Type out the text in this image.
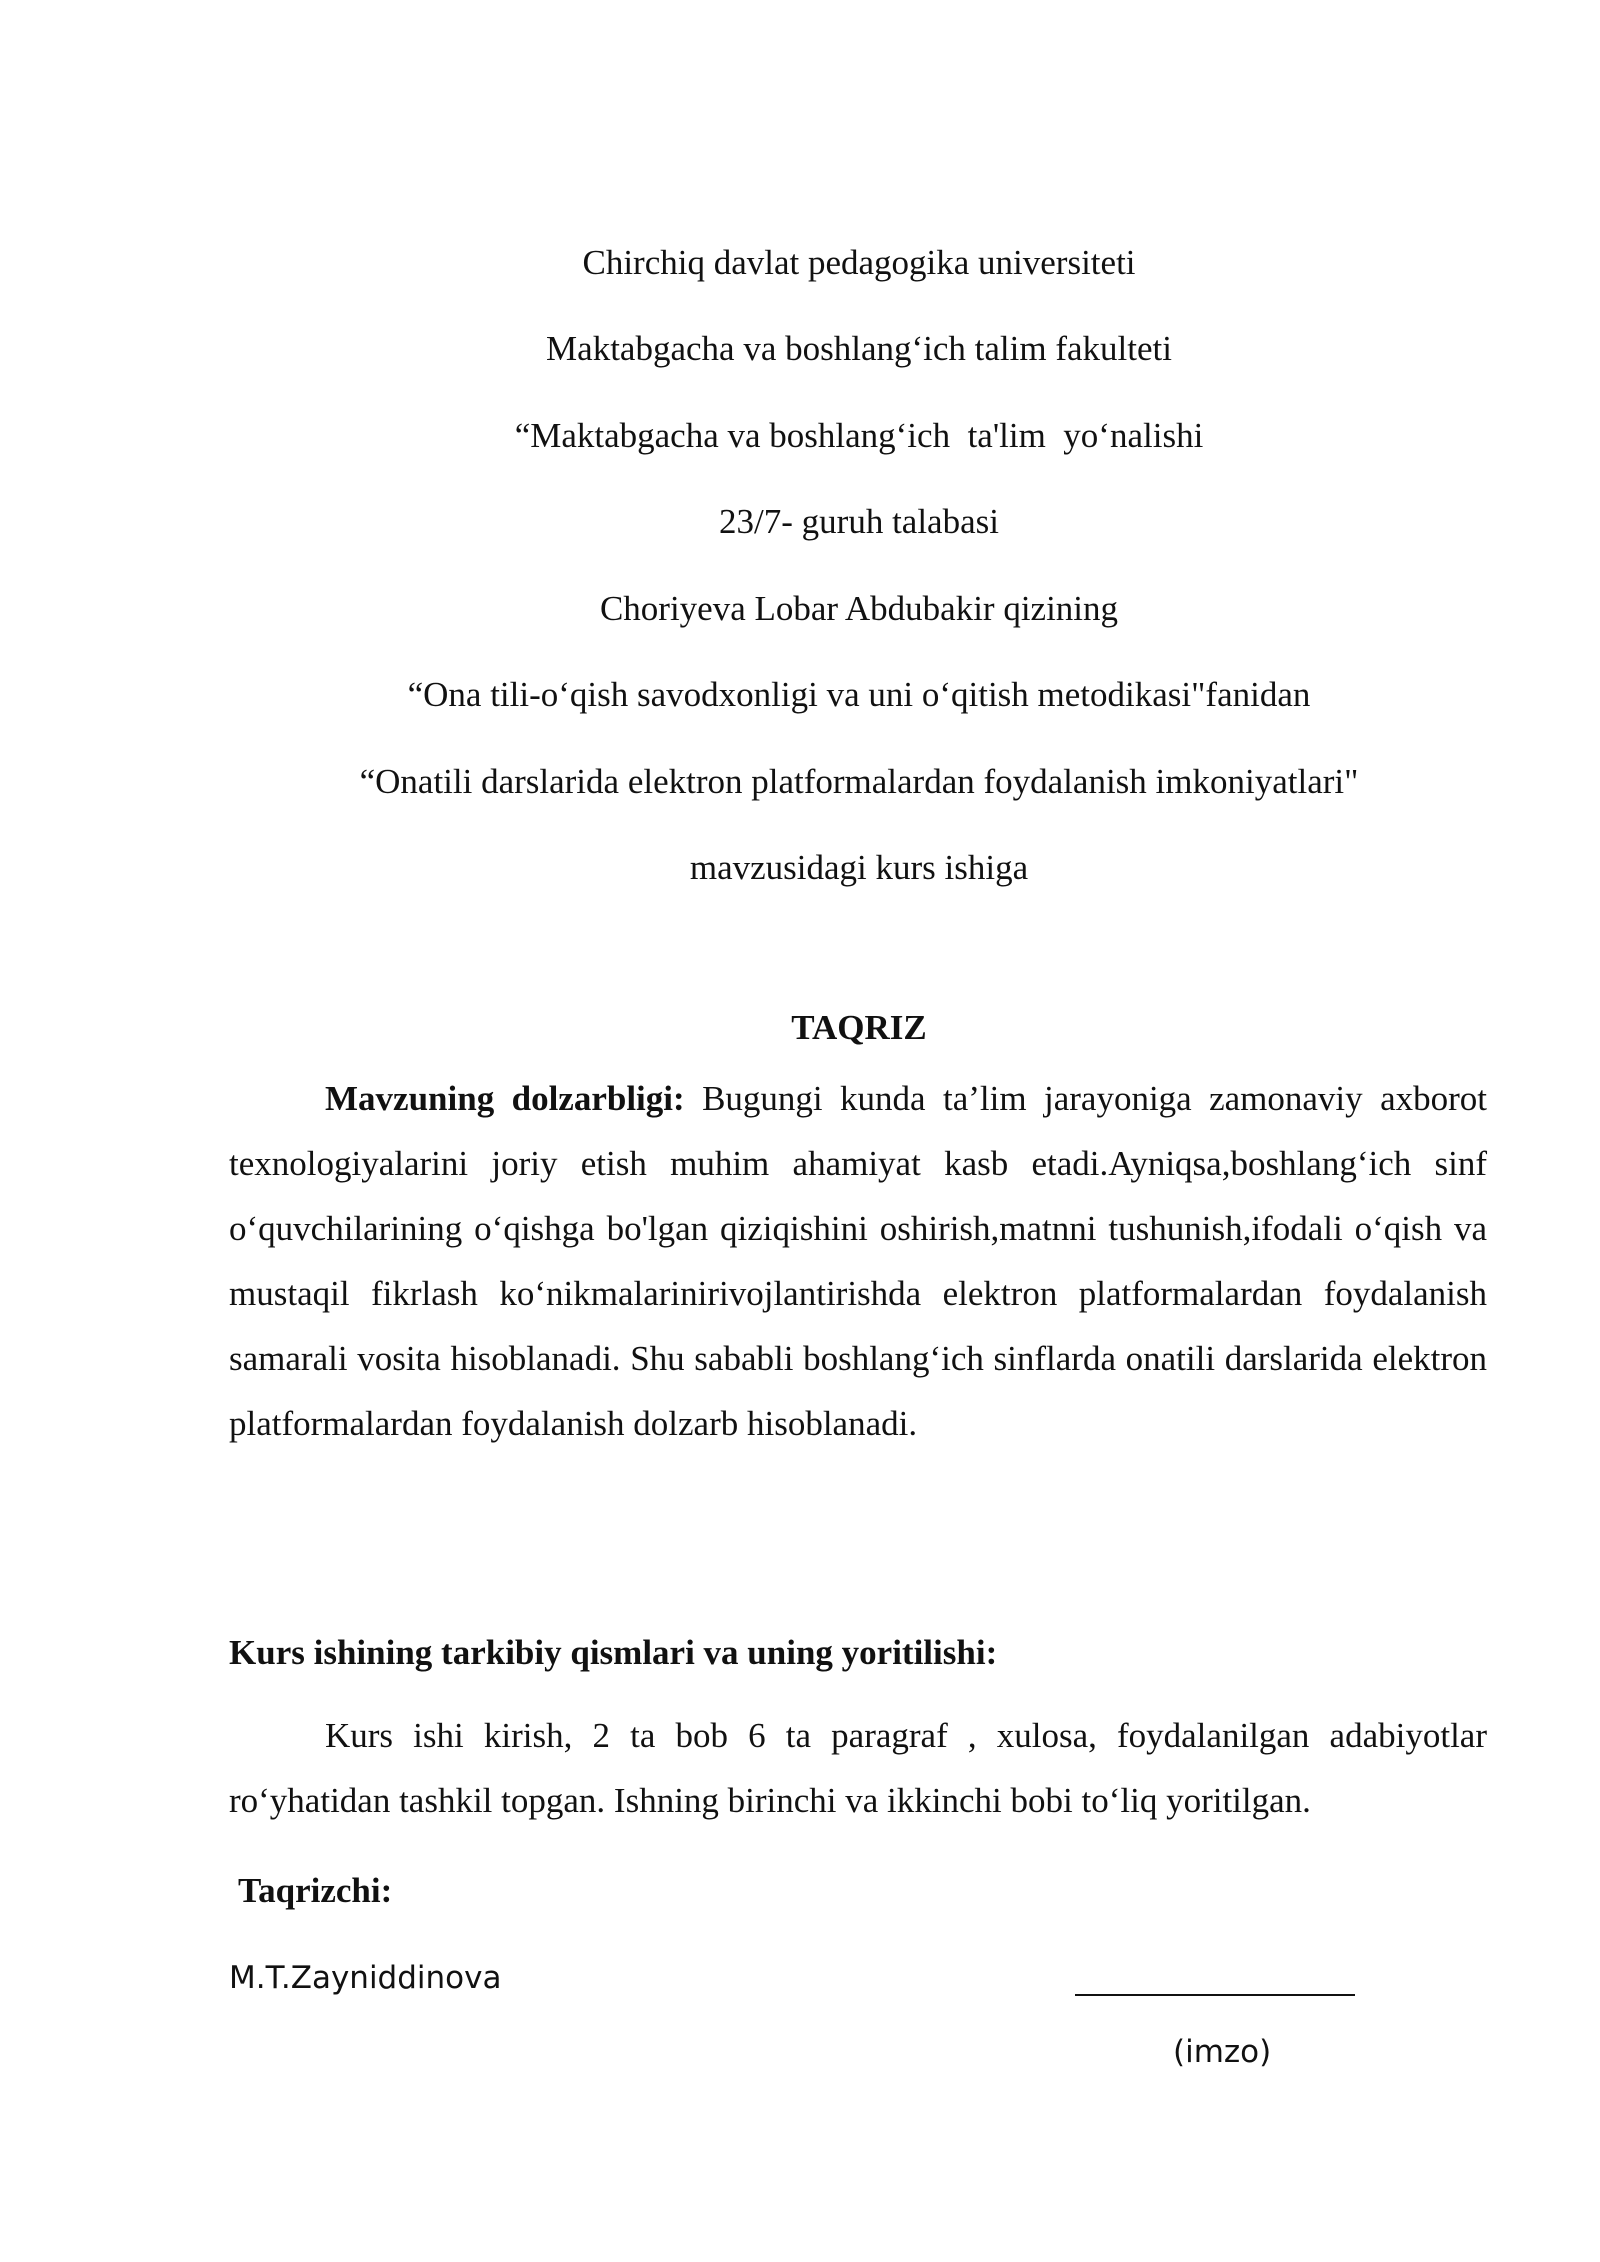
Chirchiq davlat pedagogika universiteti

Maktabgacha va boshlang‘ich talim fakulteti

“Maktabgacha va boshlang‘ich  ta'lim  yo‘nalishi

23/7- guruh talabasi

Choriyeva Lobar Abdubakir qizining

“Ona tili-o‘qish savodxonligi va uni o‘qitish metodikasi"fanidan

“Onatili darslarida elektron platformalardan foydalanish imkoniyatlari"

mavzusidagi kurs ishiga

TAQRIZ

Mavzuning dolzarbligi: Bugungi kunda ta’lim jarayoniga zamonaviy axborot texnologiyalarini joriy etish muhim ahamiyat kasb etadi.Ayniqsa,boshlang‘ich sinf o‘quvchilarining o‘qishga bo'lgan qiziqishini oshirish,matnni tushunish,ifodali o‘qish va mustaqil fikrlash ko‘nikmalarinirivojlantirishda elektron platformalardan foydalanish samarali vosita hisoblanadi. Shu sababli boshlang‘ich sinflarda onatili darslarida elektron platformalardan foydalanish dolzarb hisoblanadi.

Kurs ishining tarkibiy qismlari va uning yoritilishi:

Kurs ishi kirish, 2 ta bob 6 ta paragraf , xulosa, foydalanilgan adabiyotlar ro‘yhatidan tashkil topgan. Ishning birinchi va ikkinchi bobi to‘liq yoritilgan.

Taqrizchi:

M.T.Zayniddinova

(imzo)
